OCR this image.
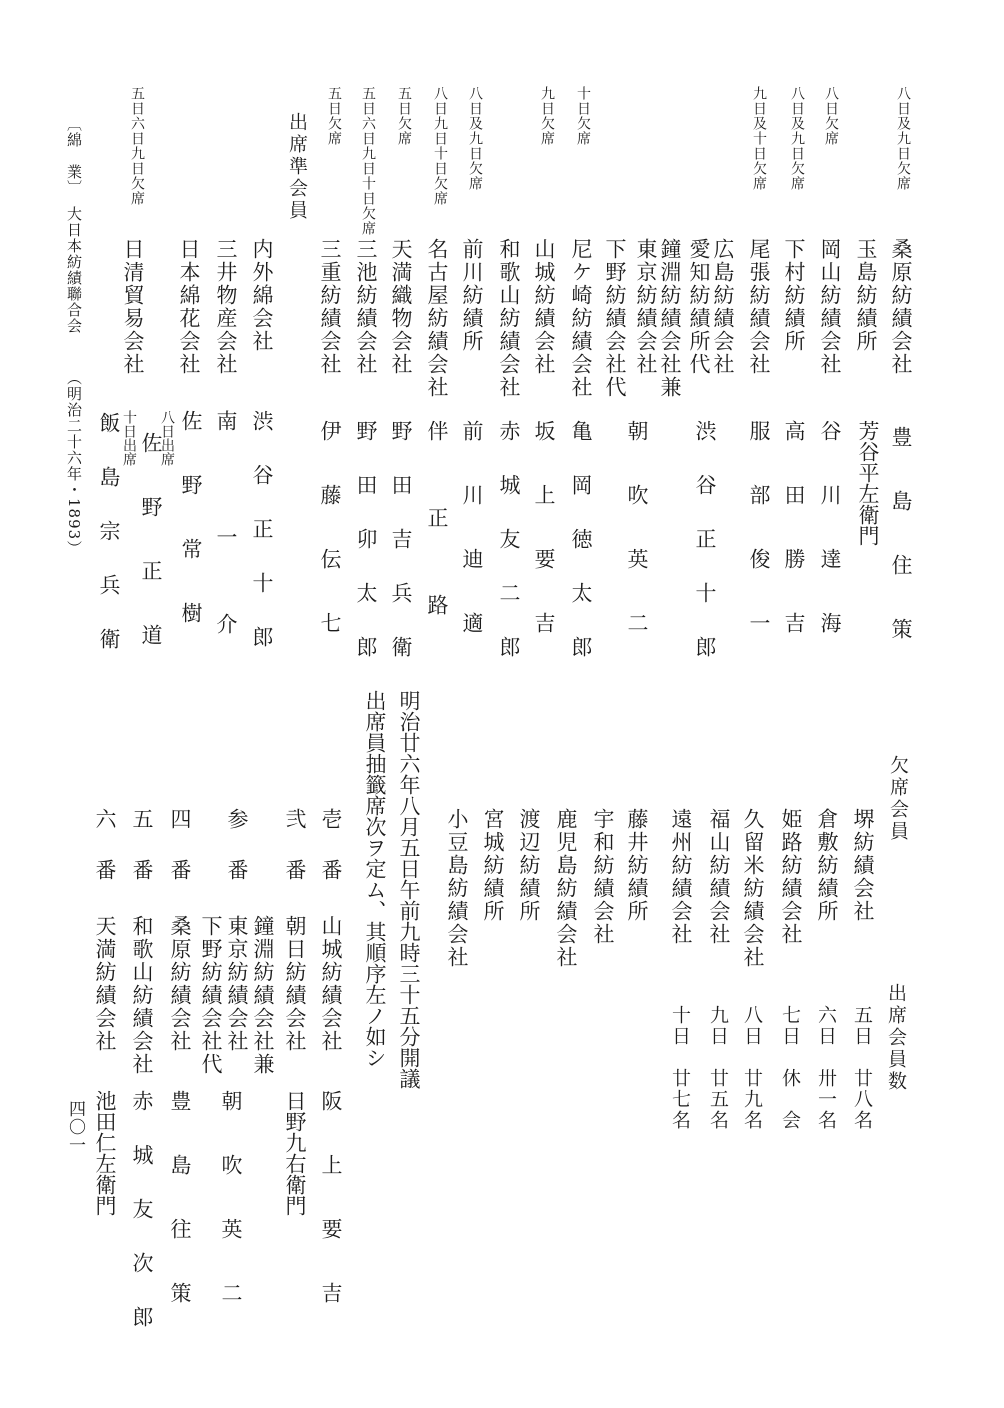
八日及九日欠席
八日欠席
八日及九日欠席
九日及十日欠席
十日欠席
九日欠席
八日及九日欠席
八日九日十日欠席
五日欠席
五日六日九日十日欠席
五日欠席
五日六日九日欠席	出席準会員
桑原紡績会社
玉島紡績所
岡山紡績会社
下村紡績所
尾張紡績会社
広島紡績会社
愛知紡績所代
鐘淵紡績会社兼
東京紡績会社
下野紡績会社代
尼ケ崎紡績会社
山城紡績会社
和歌山紡績会社
前川紡績所
名古屋紡績会社
天満織物会社
三池紡績会社
三重紡績会社
内外綿会社
三井物産会社
日本綿花会社
日清貿易会社
豊　島　住　策
芳谷平左衛門
谷　川　達　海
高　田　勝　吉
服　部　俊　一
渋　谷　正　十　郎
朝　吹　英　二
亀　岡　徳　太　郎
坂　上　要　吉
赤　城　友　二　郎
前　川　迪　適
伴　　正　　路
野　田　吉　兵　衛
野　田　卯　太　郎
伊　藤　伝　七
渋　谷　正　十　郎
南　　　一　　介
佐　野　常　樹
八日出席
佐　野　正　道
十日出席
飯　島　宗　兵　衛
〔綿　業〕
大日本紡績聯合会
（明治二十六年・1893）
欠席会員
堺紡績会社
倉敷紡績所
姫路紡績会社
久留米紡績会社
福山紡績会社
遠州紡績会社
藤井紡績所
宇和紡績会社
鹿児島紡績会社
渡辺紡績所
宮城紡績所
小豆島紡績会社
出席会員数
五日　廿八名
六日　卅一名
七日　休　会
八日　廿九名
九日　廿五名
十日　廿七名
明治廿六年八月五日午前九時三十五分開議
出席員抽籤席次ヲ定ム、其順序左ノ如シ
壱番
弐番
参番
四番
五番
六番
山城紡績会社
朝日紡績会社
鐘淵紡績会社兼
東京紡績会社
下野紡績会社代
桑原紡績会社
和歌山紡績会社
天満紡績会社
阪　上　要　吉
日野九右衛門
朝　吹　英　二
豊　島　往　策
赤　城　友　次　郎
池田仁左衛門
四〇一
